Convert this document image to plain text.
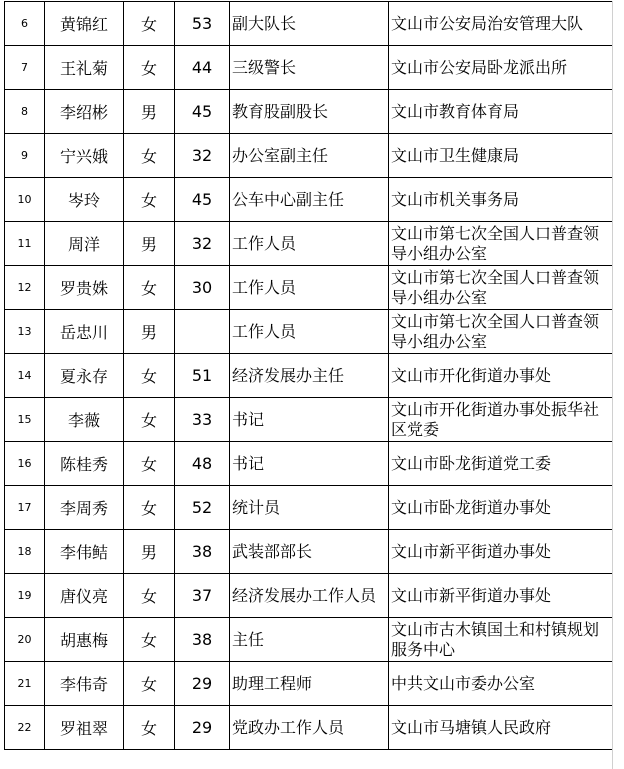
6	黄锦红	女	53	副大队长	文山市公安局治安管理大队
7	王礼菊	女	44	三级警长	文山市公安局卧龙派出所
8	李绍彬	男	45	教育股副股长	文山市教育体育局
9	宁兴娥	女	32	办公室副主任	文山市卫生健康局
10	岑玲	女	45	公车中心副主任	文山市机关事务局
11	周洋	男	32	工作人员	文山市第七次全国人口普查领导小组办公室
12	罗贵姝	女	30	工作人员	文山市第七次全国人口普查领导小组办公室
13	岳忠川	男		工作人员	文山市第七次全国人口普查领导小组办公室
14	夏永存	女	51	经济发展办主任	文山市开化街道办事处
15	李薇	女	33	书记	文山市开化街道办事处振华社区党委
16	陈桂秀	女	48	书记	文山市卧龙街道党工委
17	李周秀	女	52	统计员	文山市卧龙街道办事处
18	李伟鲒	男	38	武装部部长	文山市新平街道办事处
19	唐仪亮	女	37	经济发展办工作人员	文山市新平街道办事处
20	胡惠梅	女	38	主任	文山市古木镇国土和村镇规划服务中心
21	李伟奇	女	29	助理工程师	中共文山市委办公室
22	罗祖翠	女	29	党政办工作人员	文山市马塘镇人民政府
